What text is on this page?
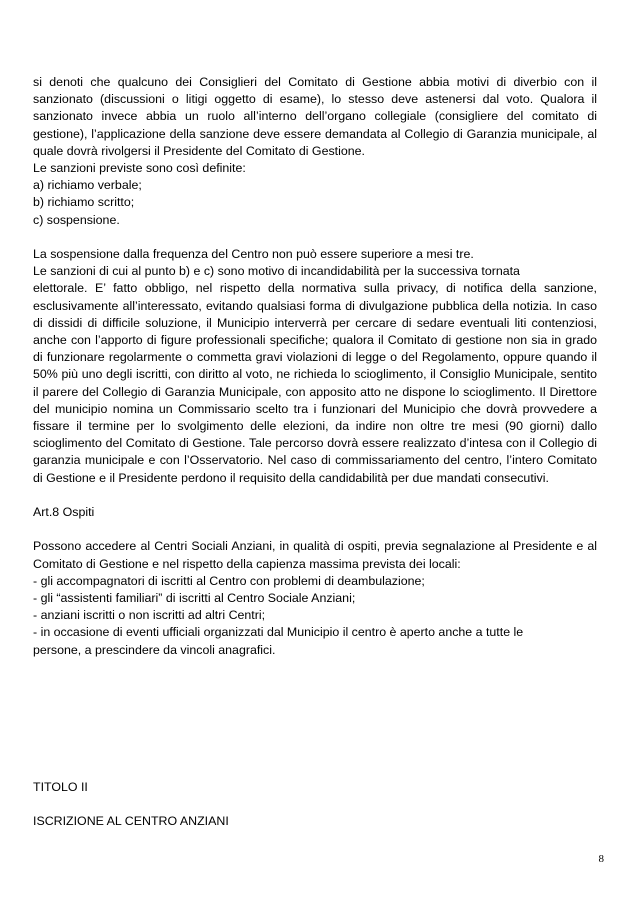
si denoti che qualcuno dei Consiglieri del Comitato di Gestione abbia motivi di diverbio con il sanzionato (discussioni o litigi oggetto di esame), lo stesso deve astenersi dal voto. Qualora il sanzionato invece abbia un ruolo all’interno dell’organo collegiale (consigliere del comitato di gestione), l’applicazione della sanzione deve essere demandata al Collegio di Garanzia municipale, al quale dovrà rivolgersi il Presidente del Comitato di Gestione.

Le sanzioni previste sono così definite:

a) richiamo verbale;

b) richiamo scritto;

c) sospensione.

La sospensione dalla frequenza del Centro non può essere superiore a mesi tre.

Le sanzioni di cui al punto b) e c) sono motivo di incandidabilità per la successiva tornata

elettorale. E’ fatto obbligo, nel rispetto della normativa sulla privacy, di notifica della sanzione, esclusivamente all’interessato, evitando qualsiasi forma di divulgazione pubblica della notizia. In caso di dissidi di difficile soluzione, il Municipio interverrà per cercare di sedare eventuali liti contenziosi, anche con l’apporto di figure professionali specifiche; qualora il Comitato di gestione non sia in grado di funzionare regolarmente o commetta gravi violazioni di legge o del Regolamento, oppure quando il 50% più uno degli iscritti, con diritto al voto, ne richieda lo scioglimento, il Consiglio Municipale, sentito il parere del Collegio di Garanzia Municipale, con apposito atto ne dispone lo scioglimento. Il Direttore del municipio nomina un Commissario scelto tra i funzionari del Municipio che dovrà provvedere a fissare il termine per lo svolgimento delle elezioni, da indire non oltre tre mesi (90 giorni) dallo scioglimento del Comitato di Gestione. Tale percorso dovrà essere realizzato d’intesa con il Collegio di garanzia municipale e con l’Osservatorio. Nel caso di commissariamento del centro, l’intero Comitato di Gestione e il Presidente perdono il requisito della candidabilità per due mandati consecutivi.

Art.8 Ospiti

Possono accedere al Centri Sociali Anziani, in qualità di ospiti, previa segnalazione al Presidente e al Comitato di Gestione e nel rispetto della capienza massima prevista dei locali:

- gli accompagnatori di iscritti al Centro con problemi di deambulazione;

- gli “assistenti familiari” di iscritti al Centro Sociale Anziani;

- anziani iscritti o non iscritti ad altri Centri;

- in occasione di eventi ufficiali organizzati dal Municipio il centro è aperto anche a tutte le

persone, a prescindere da vincoli anagrafici.

TITOLO II
ISCRIZIONE AL CENTRO ANZIANI
8
